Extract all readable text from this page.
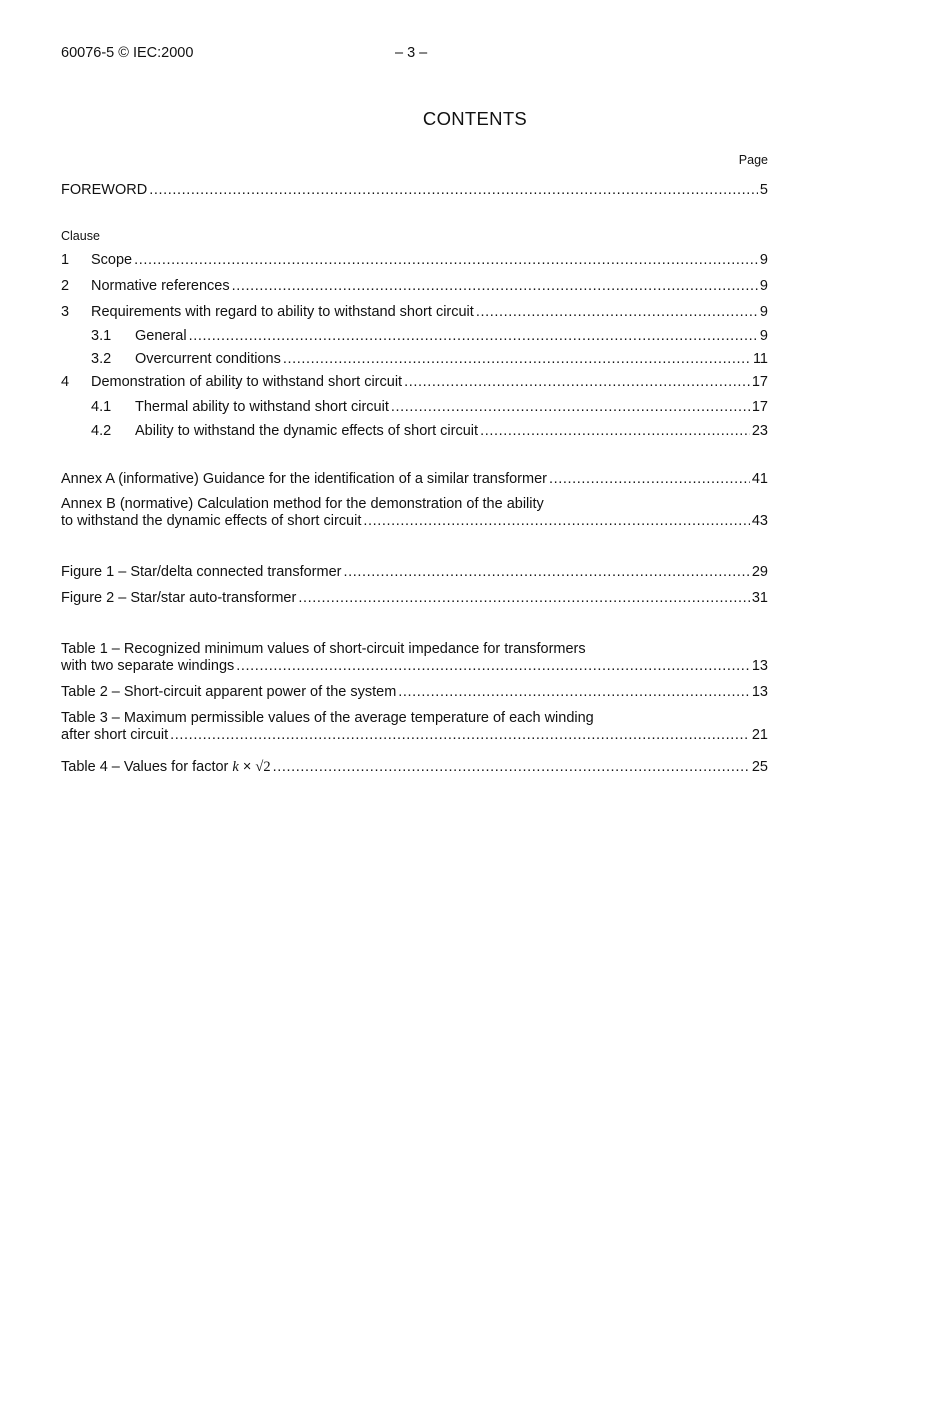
60076-5 © IEC:2000	– 3 –
CONTENTS
Page
FOREWORD .....	5
Clause
1	Scope .....	9
2	Normative references .....	9
3	Requirements with regard to ability to withstand short circuit .....	9
3.1	General .....	9
3.2	Overcurrent conditions .....	11
4	Demonstration of ability to withstand short circuit .....	17
4.1	Thermal ability to withstand short circuit .....	17
4.2	Ability to withstand the dynamic effects of short circuit .....	23
Annex A (informative) Guidance for the identification of a similar transformer .....	41
Annex B (normative) Calculation method for the demonstration of the ability
to withstand the dynamic effects of short circuit .....	43
Figure 1 – Star/delta connected transformer .....	29
Figure 2 – Star/star auto-transformer .....	31
Table 1 – Recognized minimum values of short-circuit impedance for transformers
with two separate windings .....	13
Table 2 – Short-circuit apparent power of the system .....	13
Table 3 – Maximum permissible values of the average temperature of each winding
after short circuit .....	21
Table 4 – Values for factor k × √2 .....	25
